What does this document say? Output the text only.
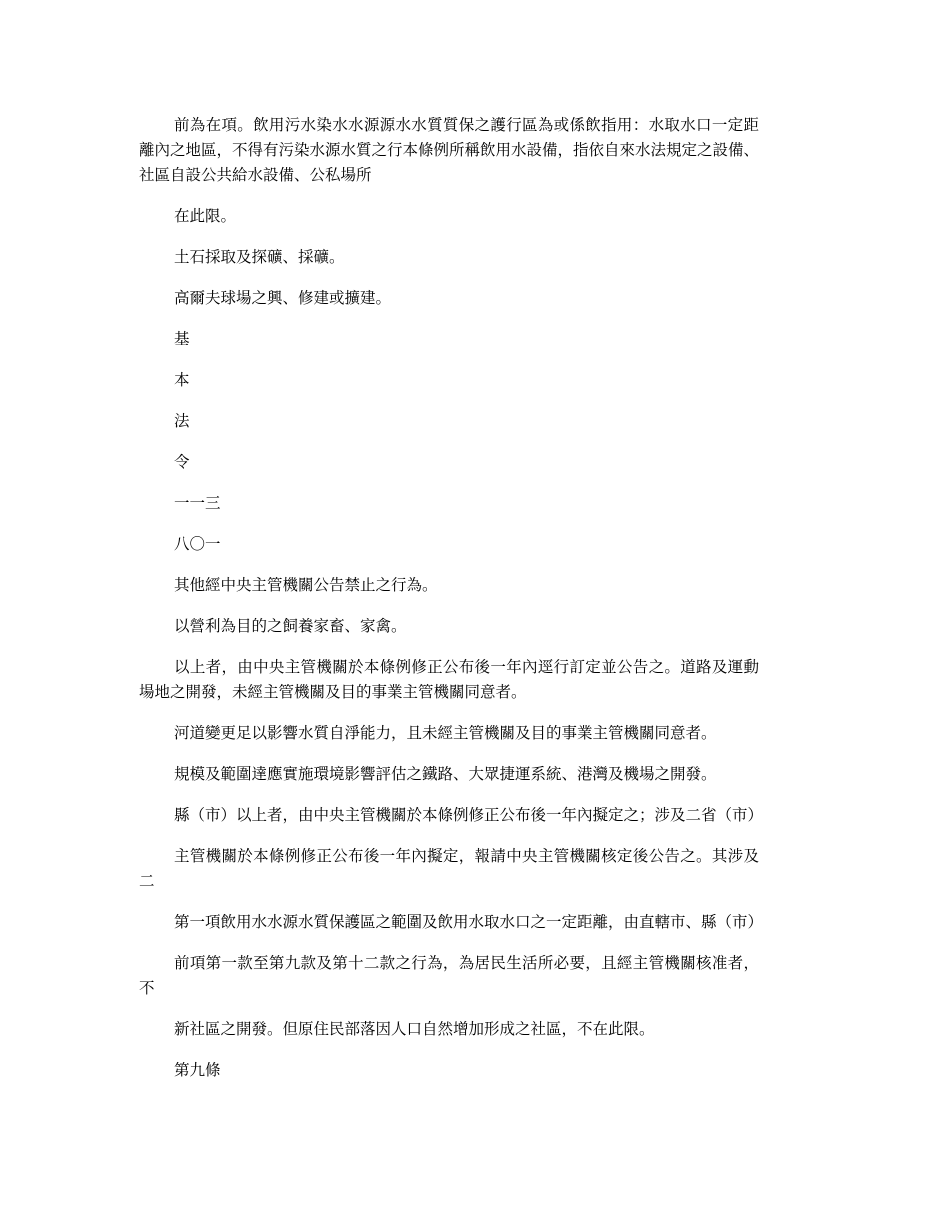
前為在項。飲用污水染水水源源水水質質保之護行區為或係飲指用：水取水口一定距離內之地區，不得有污染水源水質之行本條例所稱飲用水設備，指依自來水法規定之設備、社區自設公共給水設備、公私場所

在此限。

土石採取及探礦、採礦。

高爾夫球場之興、修建或擴建。

基

本

法

令

一一三

八〇一

其他經中央主管機關公告禁止之行為。

以營利為目的之飼養家畜、家禽。

以上者，由中央主管機關於本條例修正公布後一年內逕行訂定並公告之。道路及運動場地之開發，未經主管機關及目的事業主管機關同意者。

河道變更足以影響水質自淨能力，且未經主管機關及目的事業主管機關同意者。

規模及範圍達應實施環境影響評估之鐵路、大眾捷運系統、港灣及機場之開發。

縣（市）以上者，由中央主管機關於本條例修正公布後一年內擬定之；涉及二省（市）

主管機關於本條例修正公布後一年內擬定，報請中央主管機關核定後公告之。其涉及二

第一項飲用水水源水質保護區之範圍及飲用水取水口之一定距離，由直轄市、縣（市）

前項第一款至第九款及第十二款之行為，為居民生活所必要，且經主管機關核准者，不

新社區之開發。但原住民部落因人口自然增加形成之社區，不在此限。

第九條
